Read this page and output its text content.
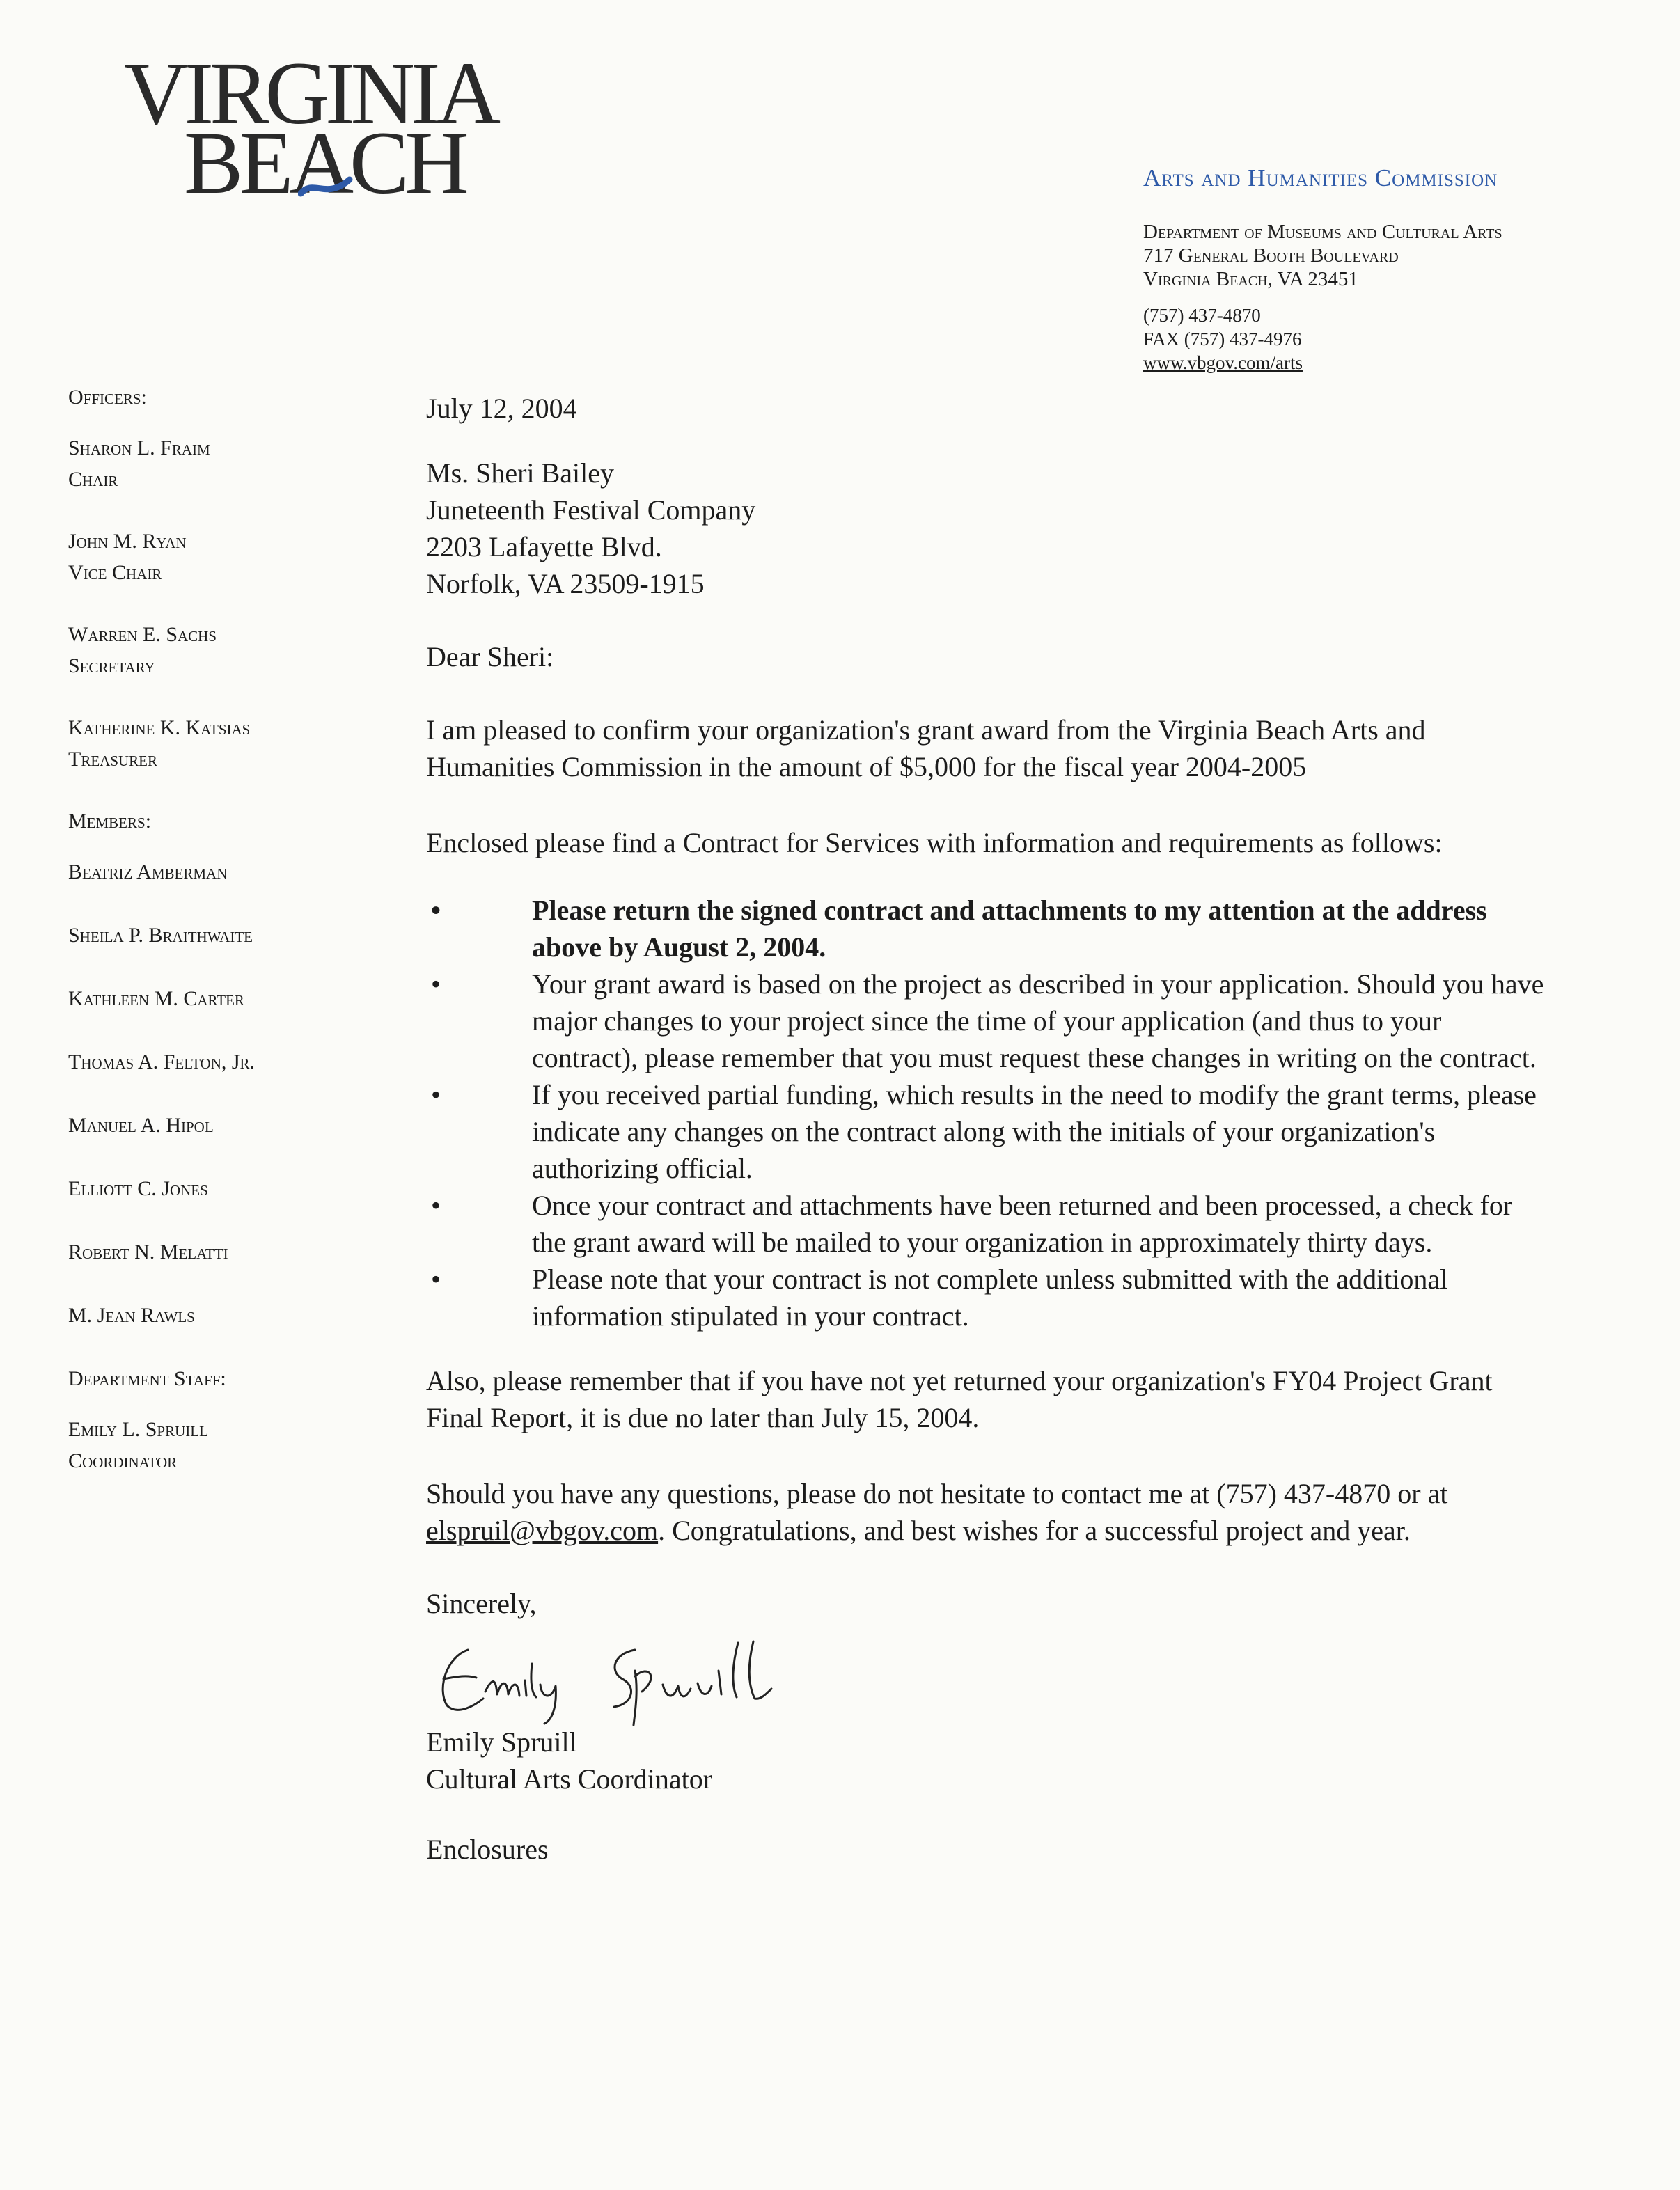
VIRGINIA
BEACH	Arts and Humanities Commission
Department of Museums and Cultural Arts
717 General Booth Boulevard
Virginia Beach, VA 23451
(757) 437-4870
FAX (757) 437-4976
www.vbgov.com/arts
Officers:
Sharon L. Fraim
Chair
John M. Ryan
Vice Chair
Warren E. Sachs
Secretary
Katherine K. Katsias
Treasurer
Members:
Beatriz Amberman
Sheila P. Braithwaite
Kathleen M. Carter
Thomas A. Felton, Jr.
Manuel A. Hipol
Elliott C. Jones
Robert N. Melatti
M. Jean Rawls
Department Staff:
Emily L. Spruill
Coordinator

July 12, 2004

Ms. Sheri Bailey
Juneteenth Festival Company
2203 Lafayette Blvd.
Norfolk, VA 23509-1915

Dear Sheri:

I am pleased to confirm your organization's grant award from the Virginia Beach Arts and Humanities Commission in the amount of $5,000 for the fiscal year 2004-2005

Enclosed please find a Contract for Services with information and requirements as follows:

• Please return the signed contract and attachments to my attention at the address above by August 2, 2004.
• Your grant award is based on the project as described in your application. Should you have major changes to your project since the time of your application (and thus to your contract), please remember that you must request these changes in writing on the contract.
• If you received partial funding, which results in the need to modify the grant terms, please indicate any changes on the contract along with the initials of your organization's authorizing official.
• Once your contract and attachments have been returned and been processed, a check for the grant award will be mailed to your organization in approximately thirty days.
• Please note that your contract is not complete unless submitted with the additional information stipulated in your contract.

Also, please remember that if you have not yet returned your organization's FY04 Project Grant Final Report, it is due no later than July 15, 2004.

Should you have any questions, please do not hesitate to contact me at (757) 437-4870 or at elspruil@vbgov.com. Congratulations, and best wishes for a successful project and year.

Sincerely,

Emily Spruill

Cultural Arts Coordinator

Enclosures
